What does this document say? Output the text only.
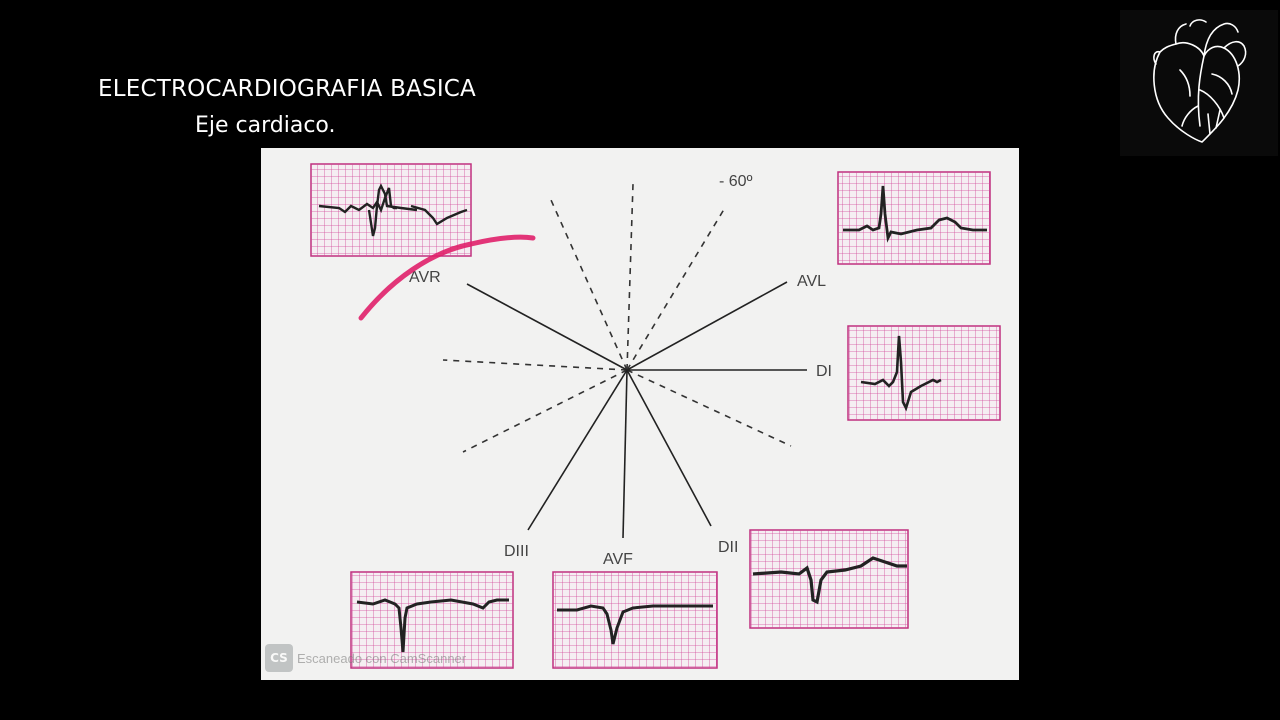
ELECTROCARDIOGRAFIA BASICA
Eje cardiaco.
- 60º
AVR	AVL
DI
DIII	AVF
DII
CS Escaneado con CamScanner
